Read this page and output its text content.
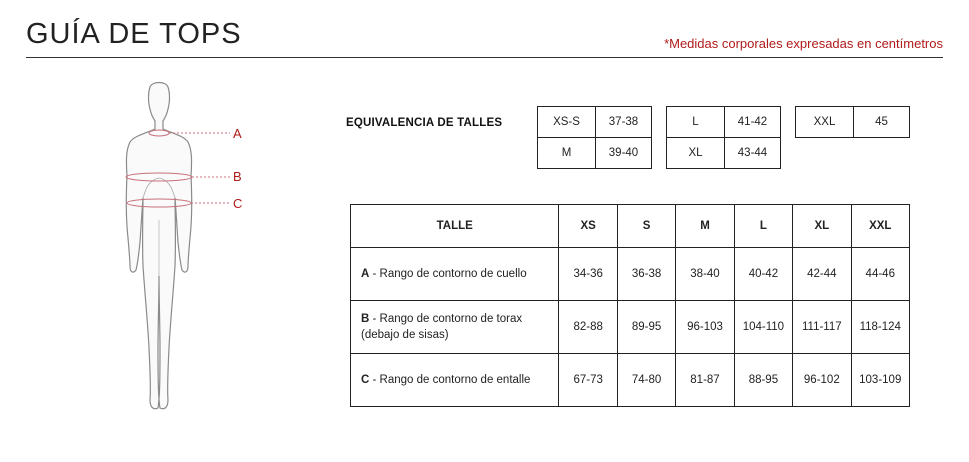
GUÍA DE TOPS	*Medidas corporales expresadas en centímetros
A
B
C
EQUIVALENCIA DE TALLES	XS-S	37-38
M	39-40
L	41-42
XL	43-44
XXL	45
TALLE	XS	S	M	L	XL	XXL
A - Rango de contorno de cuello	34-36	36-38	38-40	40-42	42-44	44-46
B - Rango de contorno de torax (debajo de sisas)	82-88	89-95	96-103	104-110	111-117	118-124
C - Rango de contorno de entalle	67-73	74-80	81-87	88-95	96-102	103-109
